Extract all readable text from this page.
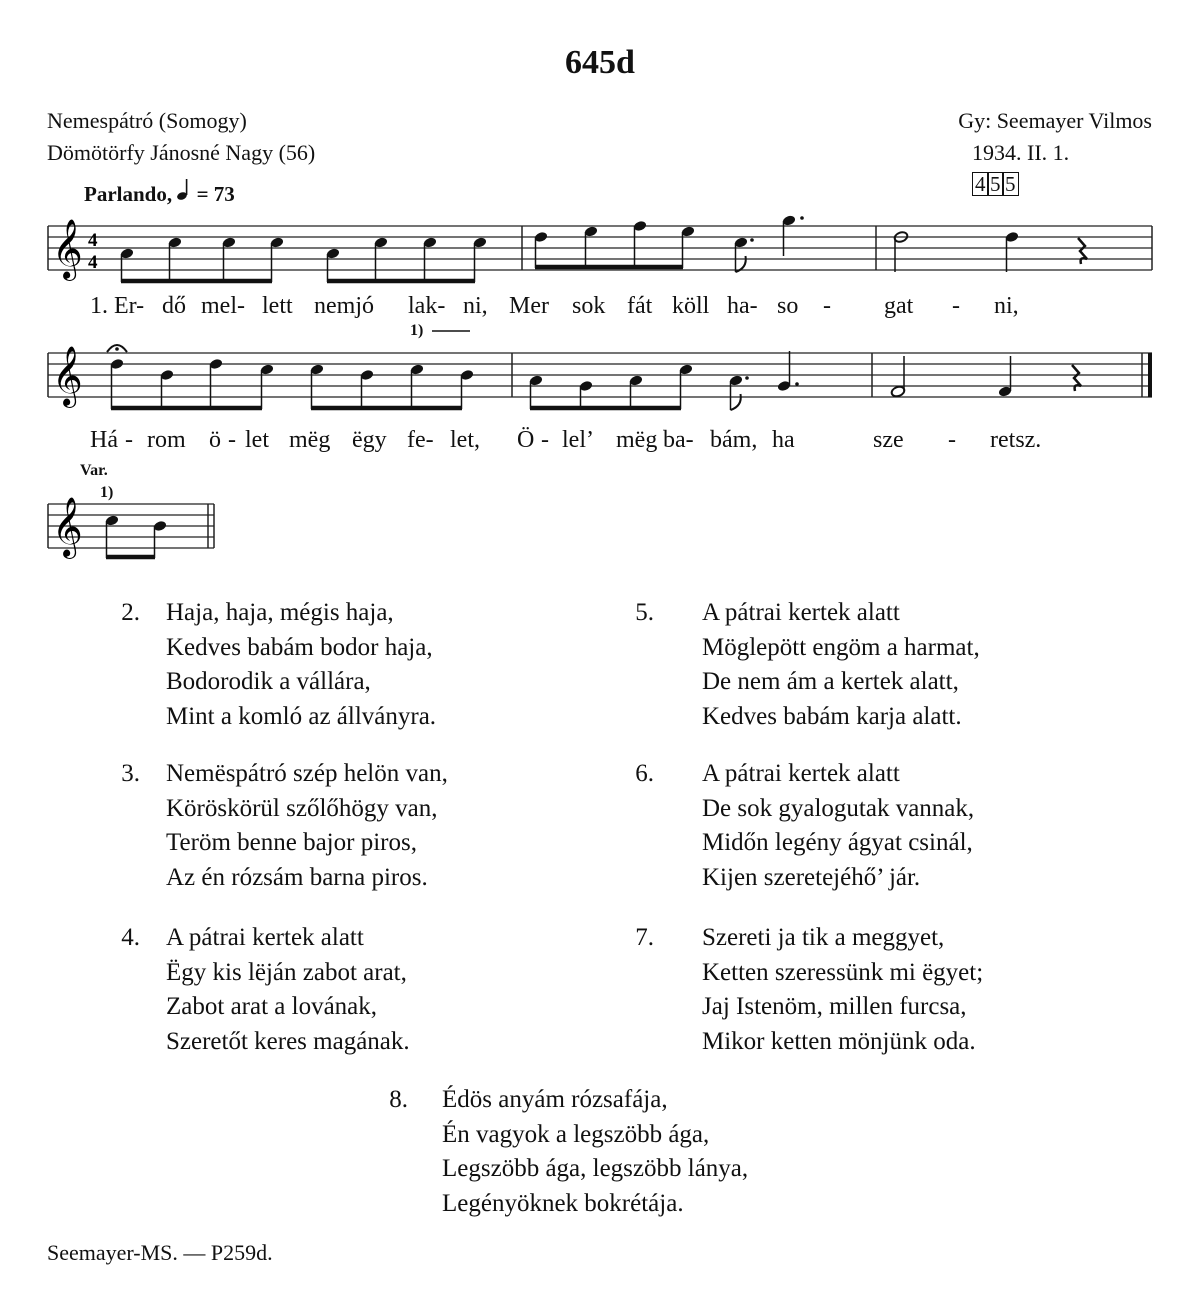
645d
Nemespátró (Somogy)
Dömötörfy Jánosné Nagy (56)
Gy: Seemayer Vilmos
1934. II. 1.
4 5 5
Parlando, = 73
𝄞 4
4
𝄞
𝄞
1)
Var.
1)
1. Er- dő mel- lett nemjó lak- ni, Mer sok fát köll ha- so - gat - ni,
Há - rom ö - let mëg ëgy fe- let, Ö - lel’ mëg ba- bám, ha	sze - retsz.
2. Haja, haja, mégis haja,
Kedves babám bodor haja,
Bodorodik a vállára,
Mint a komló az állványra.
3. Nemëspátró szép helön van,
Köröskörül szőlőhögy van,
Teröm benne bajor piros,
Az én rózsám barna piros.
4. A pátrai kertek alatt
Ëgy kis lëján zabot arat,
Zabot arat a lovának,
Szeretőt keres magának.
5. A pátrai kertek alatt
Möglepött engöm a harmat,
De nem ám a kertek alatt,
Kedves babám karja alatt.
6. A pátrai kertek alatt
De sok gyalogutak vannak,
Midőn legény ágyat csinál,
Kijen szeretejéhő’ jár.
7. Szereti ja tik a meggyet,
Ketten szeressünk mi ëgyet;
Jaj Istenöm, millen furcsa,
Mikor ketten mönjünk oda.
8. Édös anyám rózsafája,
Én vagyok a legszöbb ága,
Legszöbb ága, legszöbb lánya,
Legényöknek bokrétája.
Seemayer-MS. — P259d.
